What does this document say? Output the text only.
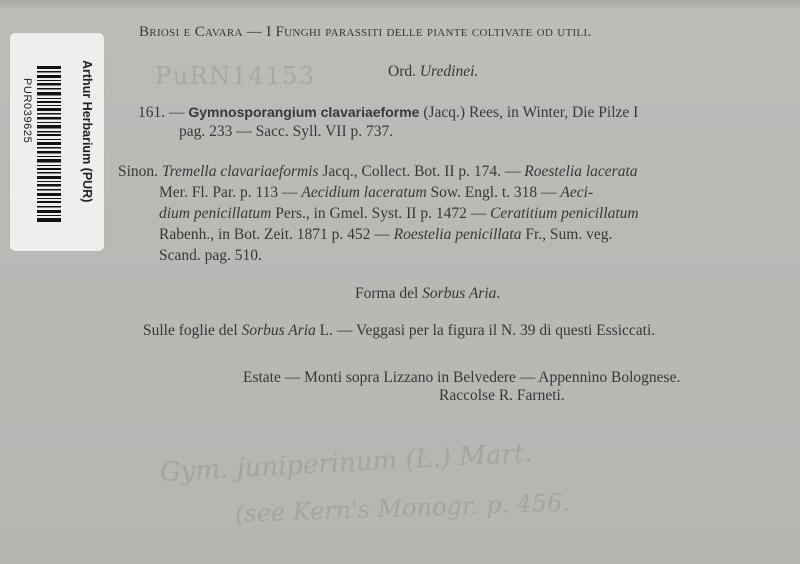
Briosi e Cavara — I Funghi parassiti delle piante coltivate od utili.
PuRN14153	Ord. Uredinei.
161. — Gymnosporangium clavariaeforme (Jacq.) Rees, in Winter, Die Pilze I
pag. 233 — Sacc. Syll. VII p. 737.
Sinon. Tremella clavariaeformis Jacq., Collect. Bot. II p. 174. — Roestelia lacerata
Mer. Fl. Par. p. 113 — Aecidium laceratum Sow. Engl. t. 318 — Aeci-
dium penicillatum Pers., in Gmel. Syst. II p. 1472 — Ceratitium penicillatum
Rabenh., in Bot. Zeit. 1871 p. 452 — Roestelia penicillata Fr., Sum. veg.
Scand. pag. 510.
Forma del Sorbus Aria.
Sulle foglie del Sorbus Aria L. — Veggasi per la figura il N. 39 di questi Essiccati.
Estate — Monti sopra Lizzano in Belvedere — Appennino Bolognese.
Raccolse R. Farneti.
Gym. juniperinum (L.) Mart.
(see Kern's Monogr. p. 456.
PUR039625	Arthur Herbarium (PUR)
